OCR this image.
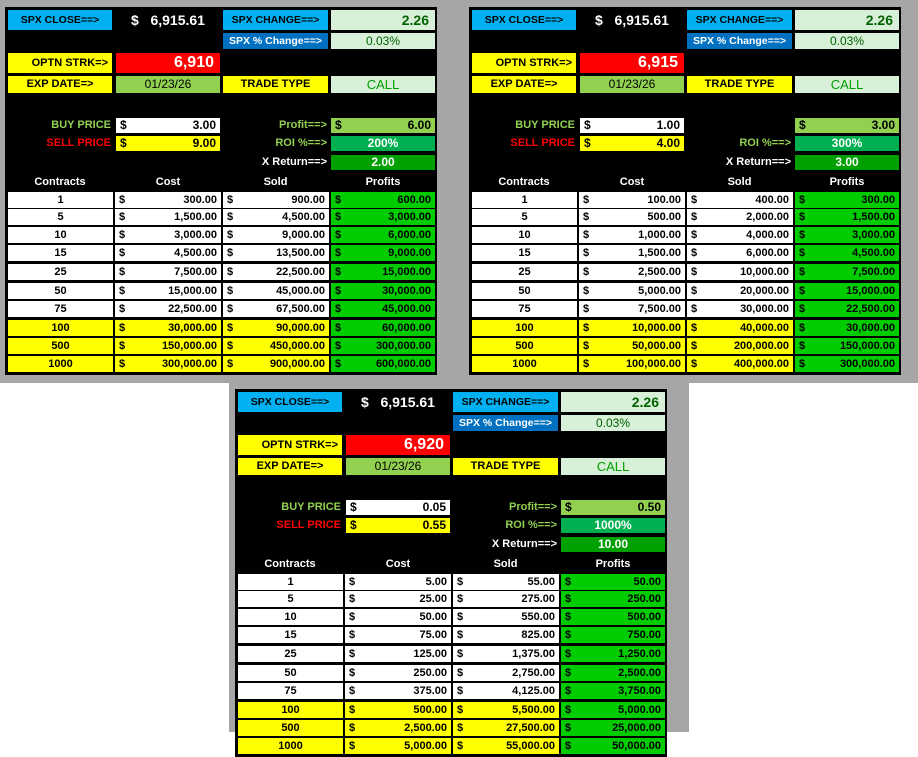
SPX CLOSE==>	$   6,915.61	SPX CHANGE==>	2.26
SPX % Change==>	0.03%
OPTN STRK=>	6,910
EXP DATE=>	01/23/26	TRADE TYPE	CALL
BUY PRICE $	3.00
SELL PRICE $	9.00
Profit==> $	6.00
ROI %==>	200%
X Return==>	2.00
Contracts	Cost	Sold	Profits
1	$	300.00 $	900.00 $	600.00
5	$	1,500.00 $	4,500.00 $	3,000.00
10	$	3,000.00 $	9,000.00 $	6,000.00
15	$	4,500.00 $	13,500.00 $	9,000.00
25	$	7,500.00 $	22,500.00 $	15,000.00
50	$	15,000.00 $	45,000.00 $	30,000.00
75	$	22,500.00 $	67,500.00 $	45,000.00
100	$	30,000.00 $	90,000.00 $	60,000.00
500	$	150,000.00 $	450,000.00 $	300,000.00
1000	$	300,000.00 $	900,000.00 $	600,000.00
SPX CLOSE==>	$   6,915.61	SPX CHANGE==>	2.26
SPX % Change==>	0.03%
OPTN STRK=>	6,915
EXP DATE=>	01/23/26	TRADE TYPE	CALL
BUY PRICE $	1.00
SELL PRICE $	4.00
$	3.00
ROI %==>	300%
X Return==>	3.00
Contracts	Cost	Sold	Profits
1	$	100.00 $	400.00 $	300.00
5	$	500.00 $	2,000.00 $	1,500.00
10	$	1,000.00 $	4,000.00 $	3,000.00
15	$	1,500.00 $	6,000.00 $	4,500.00
25	$	2,500.00 $	10,000.00 $	7,500.00
50	$	5,000.00 $	20,000.00 $	15,000.00
75	$	7,500.00 $	30,000.00 $	22,500.00
100	$	10,000.00 $	40,000.00 $	30,000.00
500	$	50,000.00 $	200,000.00 $	150,000.00
1000	$	100,000.00 $	400,000.00 $	300,000.00
SPX CLOSE==>	$   6,915.61	SPX CHANGE==>	2.26
SPX % Change==>	0.03%
OPTN STRK=>	6,920
EXP DATE=>	01/23/26	TRADE TYPE	CALL
BUY PRICE $	0.05
SELL PRICE $	0.55
Profit==> $	0.50
ROI %==>	1000%
X Return==>	10.00
Contracts	Cost	Sold	Profits
1	$	5.00 $	55.00 $	50.00
5	$	25.00 $	275.00 $	250.00
10	$	50.00 $	550.00 $	500.00
15	$	75.00 $	825.00 $	750.00
25	$	125.00 $	1,375.00 $	1,250.00
50	$	250.00 $	2,750.00 $	2,500.00
75	$	375.00 $	4,125.00 $	3,750.00
100	$	500.00 $	5,500.00 $	5,000.00
500	$	2,500.00 $	27,500.00 $	25,000.00
1000	$	5,000.00 $	55,000.00 $	50,000.00
